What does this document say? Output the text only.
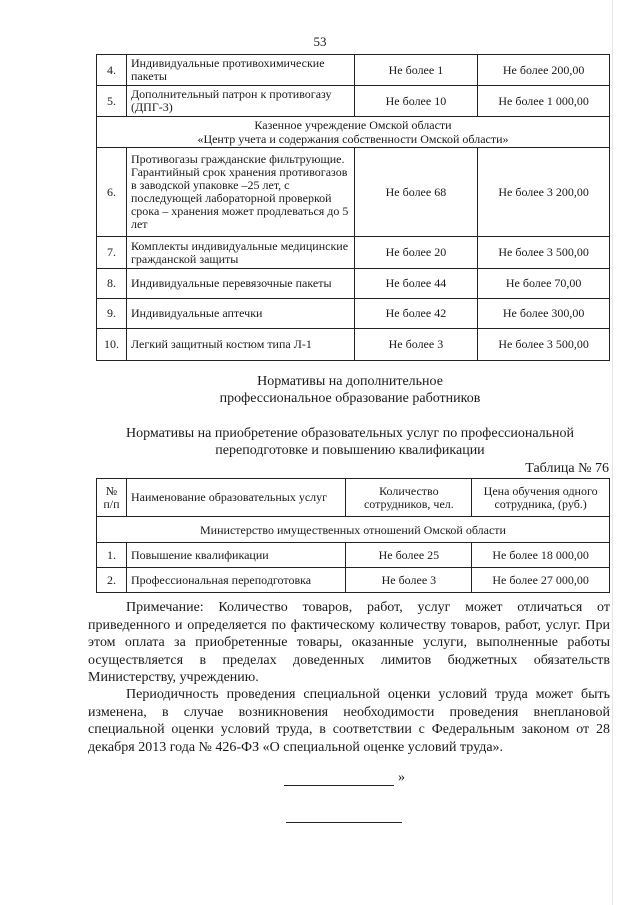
53
4.	Индивидуальные противохимические пакеты	Не более 1	Не более 200,00
5.	Дополнительный патрон к противогазу (ДПГ-3)	Не более 10	Не более 1 000,00

Казенное учреждение Омской области
«Центр учета и содержания собственности Омской области»			

6.	Противогазы гражданские фильтрующие. Гарантийный срок хранения противогазов в заводской упаковке –25 лет, с последующей лабораторной проверкой срока – хранения может продлеваться до 5 лет	Не более 68	Не более 3 200,00
7.	Комплекты индивидуальные медицинские гражданской защиты	Не более 20	Не более 3 500,00
8.	Индивидуальные перевязочные пакеты	Не более 44	Не более 70,00
9.	Индивидуальные аптечки	Не более 42	Не более 300,00
10.	Легкий защитный костюм типа Л-1	Не более 3	Не более 3 500,00
Нормативы на дополнительное
профессиональное образование работников
Нормативы на приобретение образовательных услуг по профессиональной
переподготовке и повышению квалификации
Таблица № 76
№ п/п	Наименование образовательных услуг	Количество сотрудников, чел.	Цена обучения одного сотрудника, (руб.)
Министерство имущественных отношений Омской области			
1.	Повышение квалификации	Не более 25	Не более 18 000,00
2.	Профессиональная переподготовка	Не более 3	Не более 27 000,00

Примечание: Количество товаров, работ, услуг может отличаться от приведенного и определяется по фактическому количеству товаров, работ, услуг. При этом оплата за приобретенные товары, оказанные услуги, выполненные работы осуществляется в пределах доведенных лимитов бюджетных обязательств Министерству, учреждению.

Периодичность проведения специальной оценки условий труда может быть изменена, в случае возникновения необходимости проведения внеплановой специальной оценки условий труда, в соответствии с Федеральным законом от 28 декабря 2013 года № 426-ФЗ «О специальной оценке условий труда».

»
